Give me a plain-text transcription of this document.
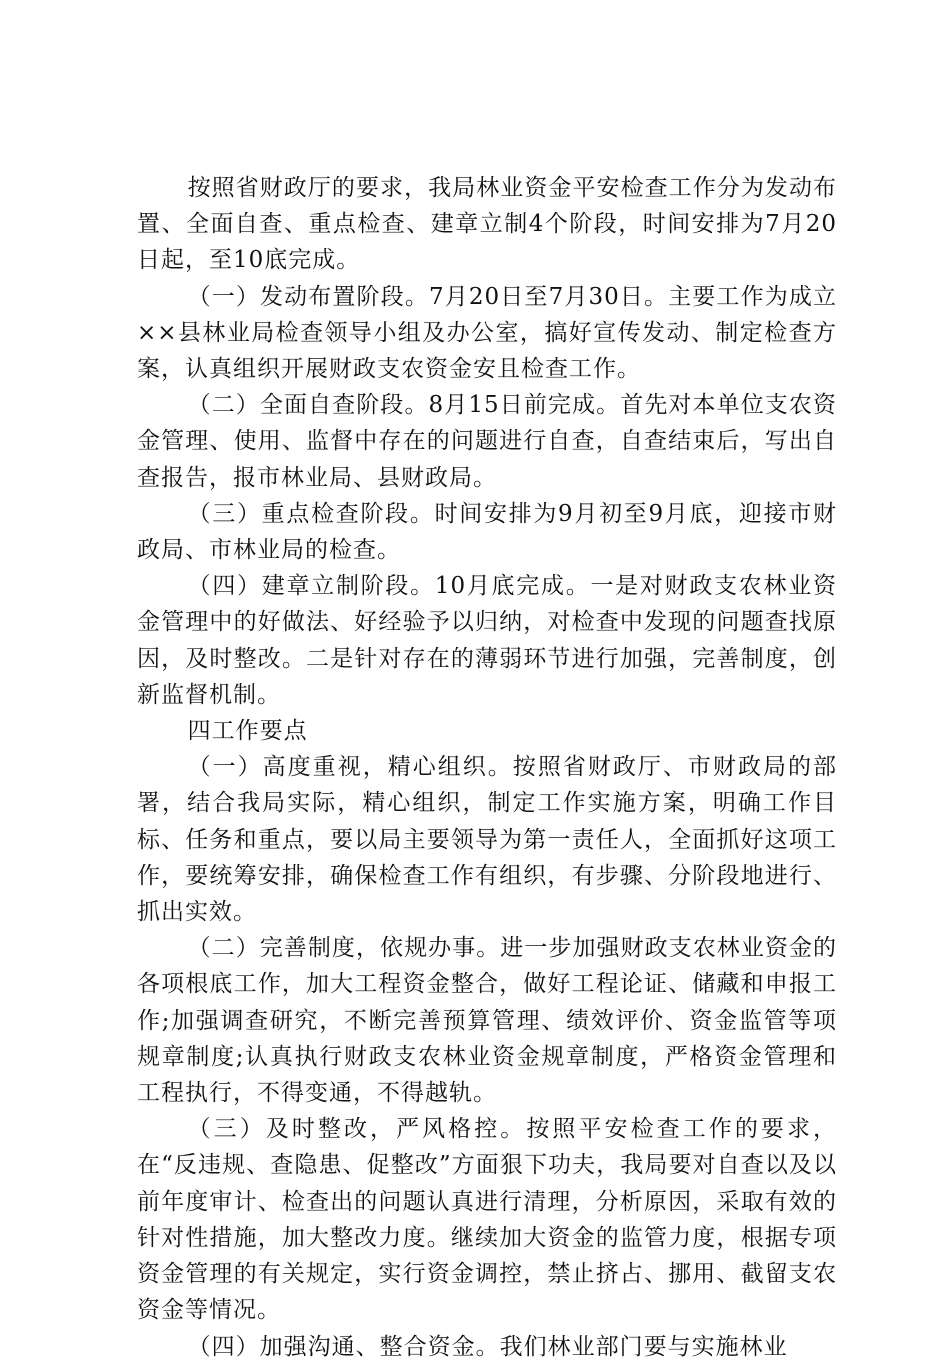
按照省财政厅的要求，我局林业资金平安检查工作分为发动布置、全面自查、重点检查、建章立制4个阶段，时间安排为7月20日起，至10底完成。

（一）发动布置阶段。7月20日至7月30日。主要工作为成立××县林业局检查领导小组及办公室，搞好宣传发动、制定检查方案，认真组织开展财政支农资金安且检查工作。

（二）全面自查阶段。8月15日前完成。首先对本单位支农资金管理、使用、监督中存在的问题进行自查，自查结束后，写出自查报告，报市林业局、县财政局。

（三）重点检查阶段。时间安排为9月初至9月底，迎接市财政局、市林业局的检查。

（四）建章立制阶段。10月底完成。一是对财政支农林业资金管理中的好做法、好经验予以归纳，对检查中发现的问题查找原因，及时整改。二是针对存在的薄弱环节进行加强，完善制度，创新监督机制。

四工作要点

（一）高度重视，精心组织。按照省财政厅、市财政局的部署，结合我局实际，精心组织，制定工作实施方案，明确工作目标、任务和重点，要以局主要领导为第一责任人，全面抓好这项工作，要统筹安排，确保检查工作有组织，有步骤、分阶段地进行、抓出实效。

（二）完善制度，依规办事。进一步加强财政支农林业资金的各项根底工作，加大工程资金整合，做好工程论证、储藏和申报工作;加强调查研究，不断完善预算管理、绩效评价、资金监管等项规章制度;认真执行财政支农林业资金规章制度，严格资金管理和工程执行，不得变通，不得越轨。

（三）及时整改，严风格控。按照平安检查工作的要求，在“反违规、查隐患、促整改”方面狠下功夫，我局要对自查以及以前年度审计、检查出的问题认真进行清理，分析原因，采取有效的针对性措施，加大整改力度。继续加大资金的监管力度，根据专项资金管理的有关规定，实行资金调控，禁止挤占、挪用、截留支农资金等情况。

（四）加强沟通、整合资金。我们林业部门要与实施林业
